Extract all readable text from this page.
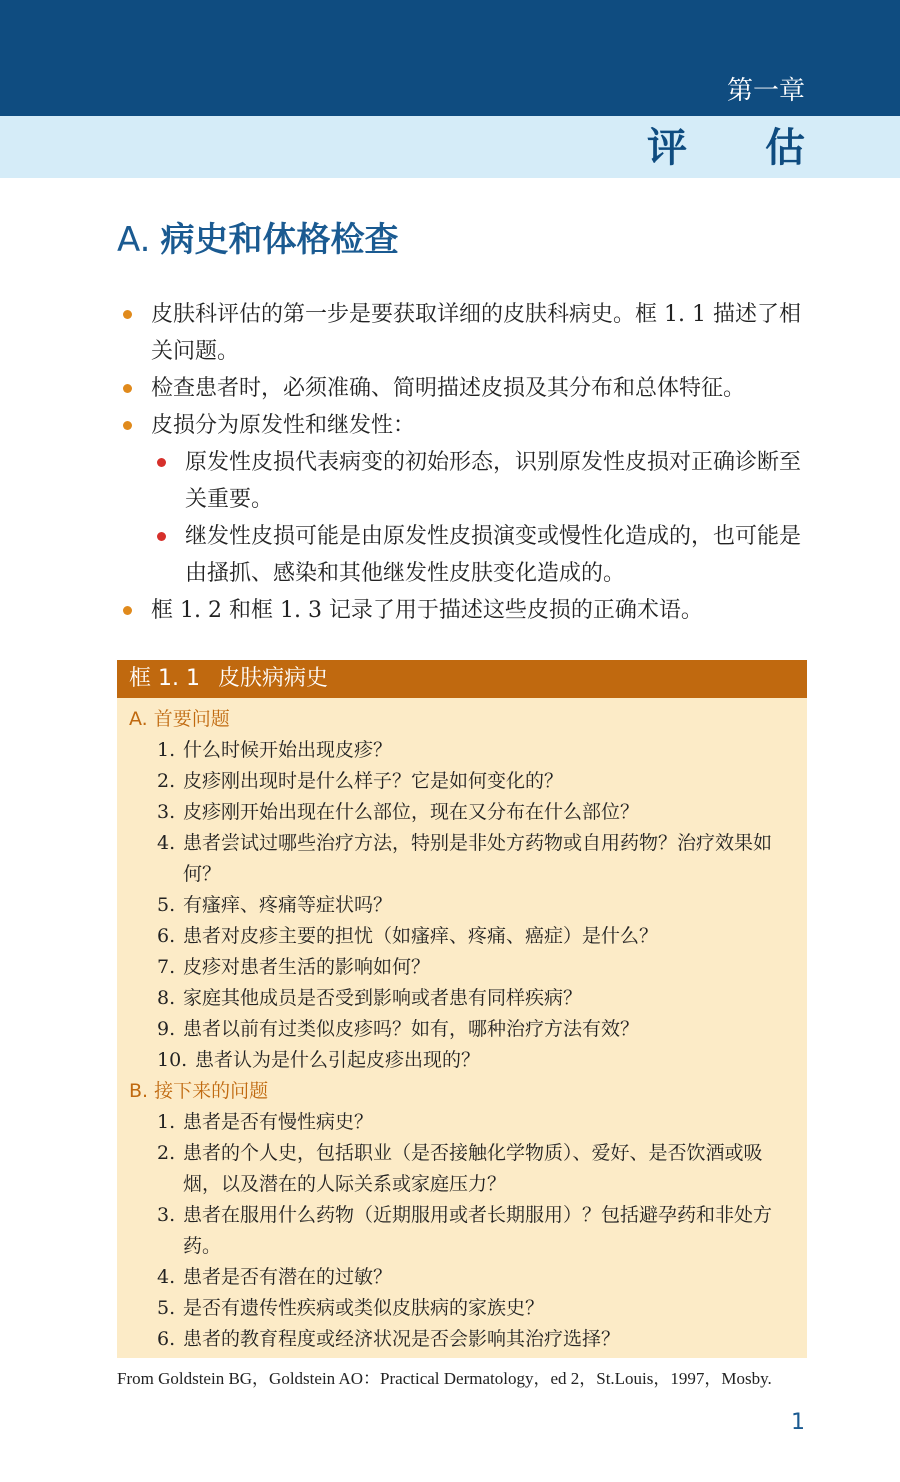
第一章
评估
A. 病史和体格检查
皮肤科评估的第一步是要获取详细的皮肤科病史。框 1. 1 描述了相关问题。
检查患者时，必须准确、简明描述皮损及其分布和总体特征。
皮损分为原发性和继发性：
原发性皮损代表病变的初始形态，识别原发性皮损对正确诊断至关重要。
继发性皮损可能是由原发性皮损演变或慢性化造成的，也可能是由搔抓、感染和其他继发性皮肤变化造成的。
框 1. 2 和框 1. 3 记录了用于描述这些皮损的正确术语。
框 1. 1 皮肤病病史
A. 首要问题
1. 什么时候开始出现皮疹？
2. 皮疹刚出现时是什么样子？它是如何变化的？
3. 皮疹刚开始出现在什么部位，现在又分布在什么部位？
4. 患者尝试过哪些治疗方法，特别是非处方药物或自用药物？治疗效果如何？
5. 有瘙痒、疼痛等症状吗？
6. 患者对皮疹主要的担忧（如瘙痒、疼痛、癌症）是什么？
7. 皮疹对患者生活的影响如何？
8. 家庭其他成员是否受到影响或者患有同样疾病？
9. 患者以前有过类似皮疹吗？如有，哪种治疗方法有效？
10. 患者认为是什么引起皮疹出现的？
B. 接下来的问题
1. 患者是否有慢性病史？
2. 患者的个人史，包括职业（是否接触化学物质）、爱好、是否饮酒或吸烟，以及潜在的人际关系或家庭压力？
3. 患者在服用什么药物（近期服用或者长期服用）？包括避孕药和非处方药。
4. 患者是否有潜在的过敏？
5. 是否有遗传性疾病或类似皮肤病的家族史？
6. 患者的教育程度或经济状况是否会影响其治疗选择？
From Goldstein BG，Goldstein AO：Practical Dermatology，ed 2，St.Louis，1997，Mosby.
1
